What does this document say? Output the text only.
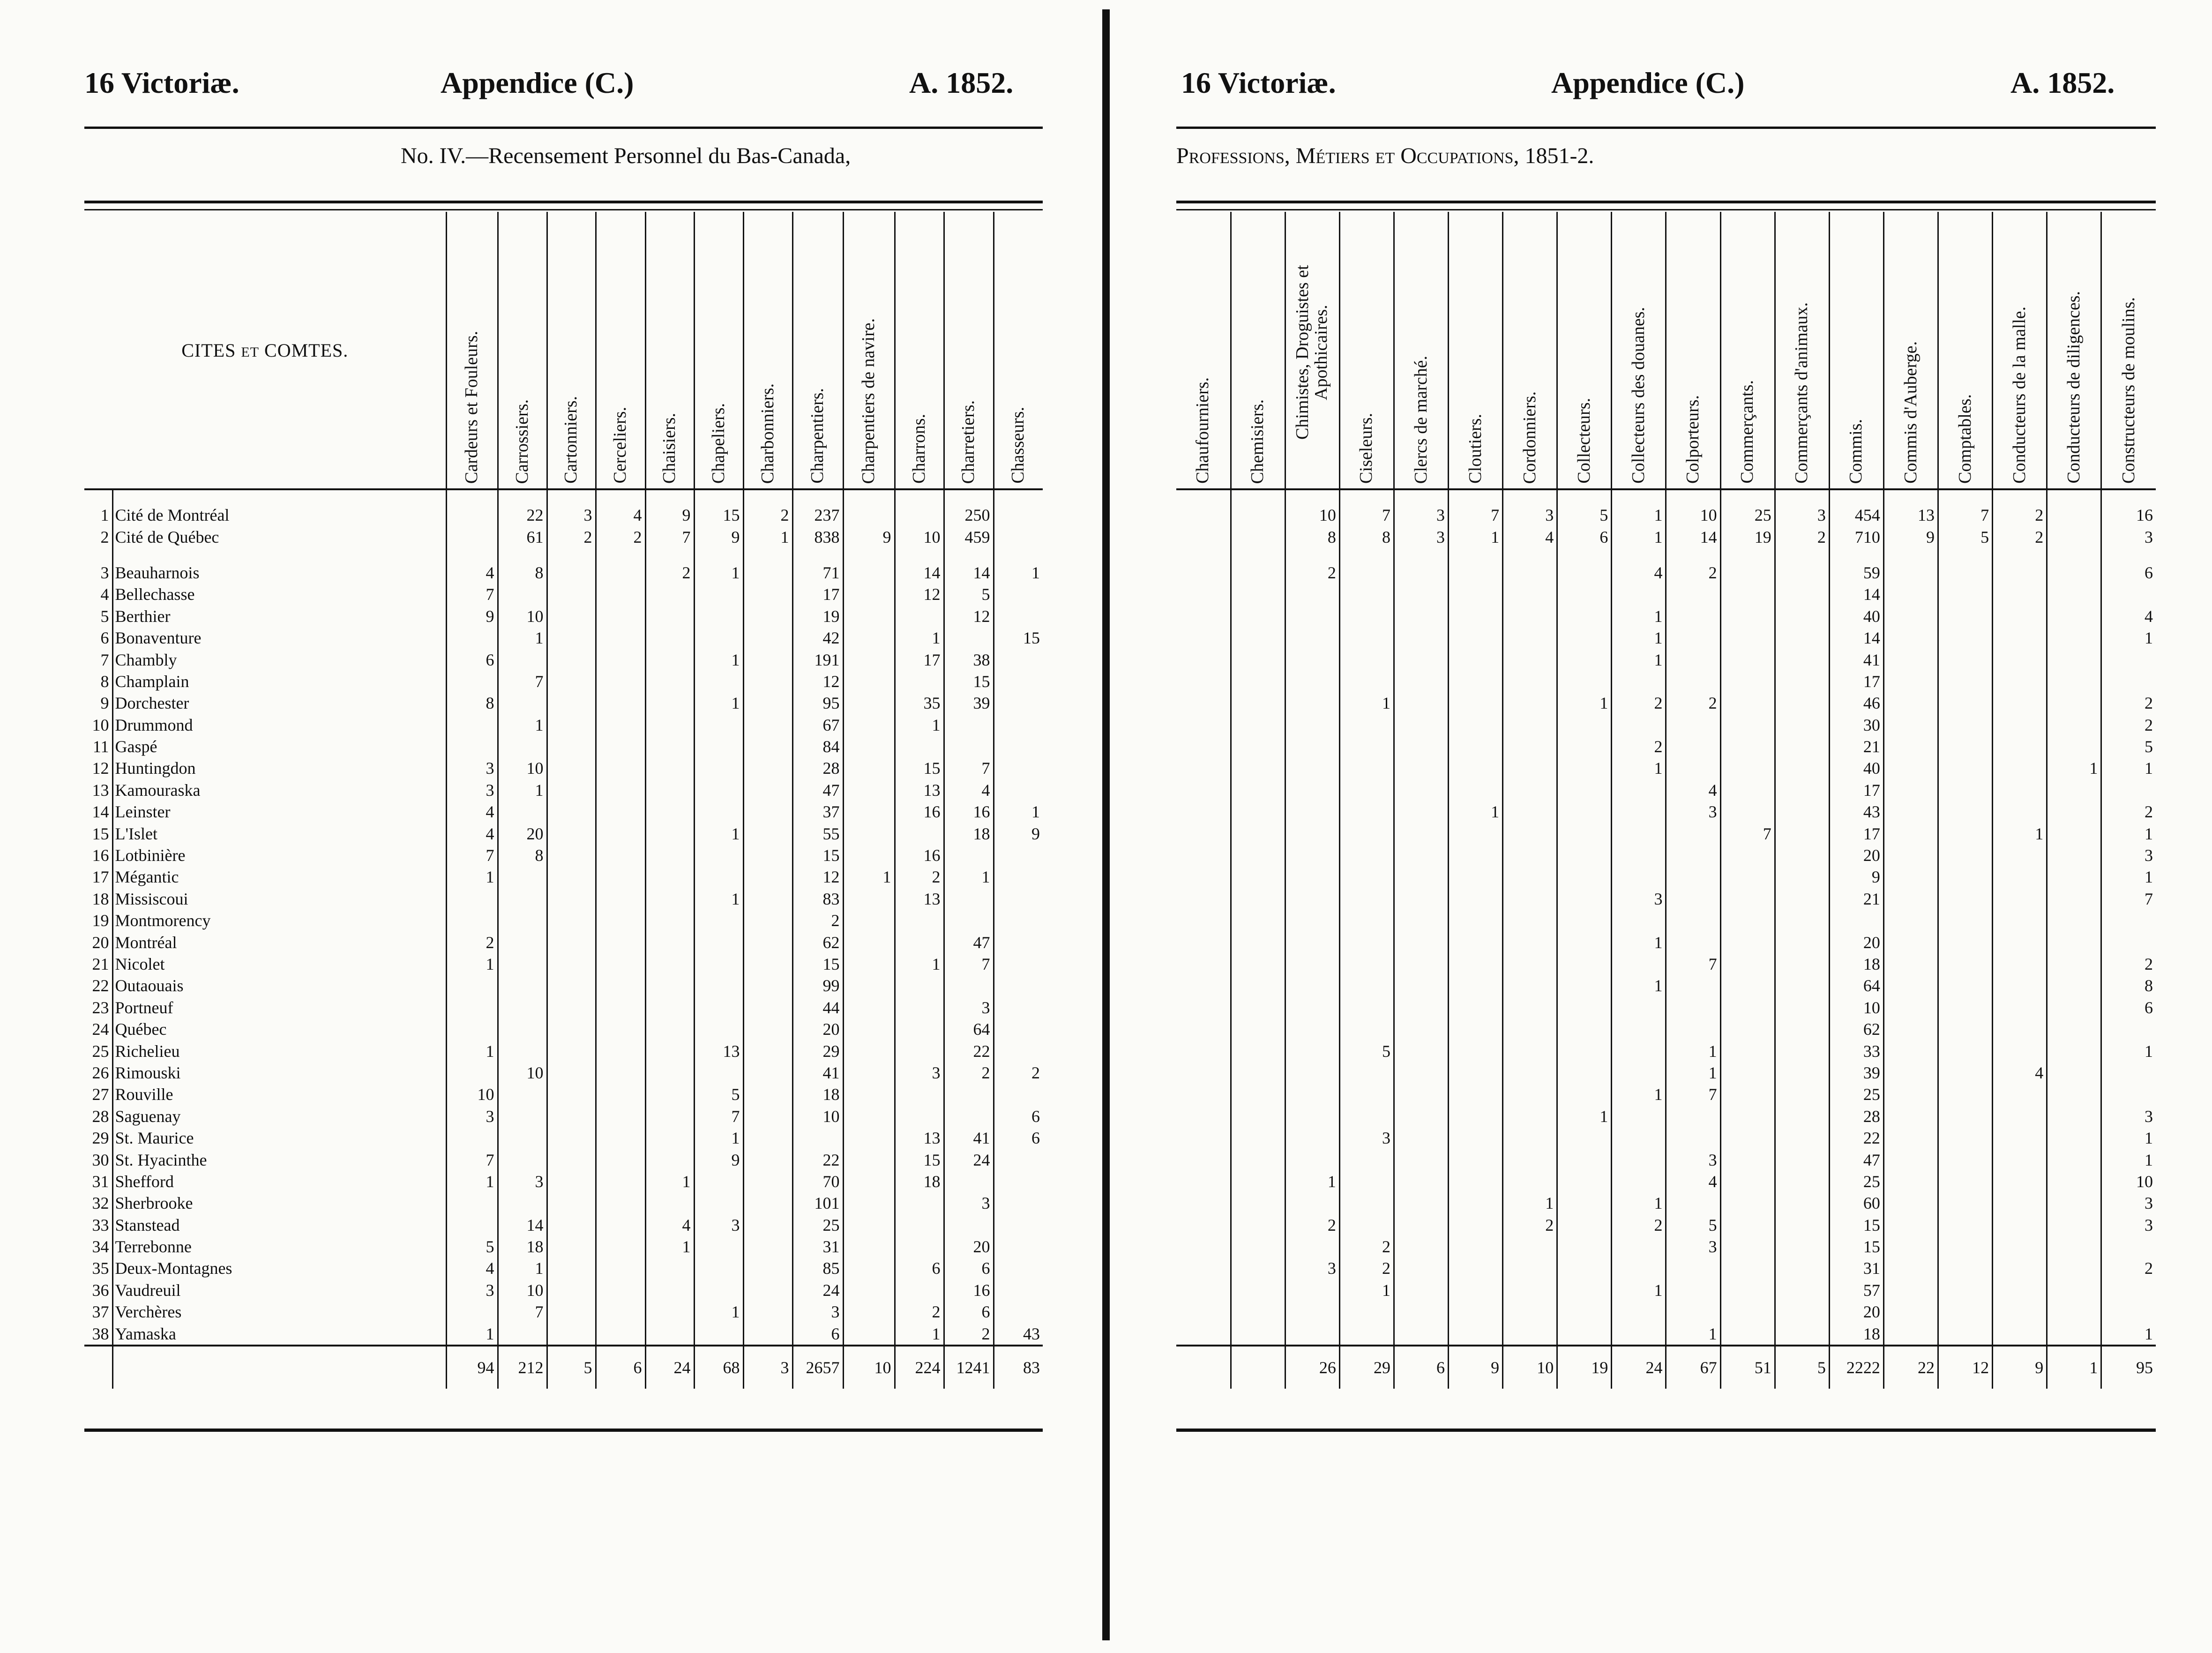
16 Victoriæ.	Appendice (C.)	A. 1852.
No. IV.—Recensement Personnel du Bas-Canada,
CITES ET COMTES.		Cardeurs et Fouleurs.	Carrossiers.	Cartonniers.	Cerceliers.	Chaisiers.	Chapeliers.	Charbonniers.	Charpentiers.	Charpentiers de navire.	Charrons.	Charretiers.	Chasseurs.

1	Cité de Montréal		22	3	4	9	15	2	237			250	
2	Cité de Québec		61	2	2	7	9	1	838	9	10	459	

3	Beauharnois	4	8			2	1		71		14	14	1
4	Bellechasse	7							17		12	5	
5	Berthier	9	10						19			12	
6	Bonaventure		1						42		1		15
7	Chambly	6					1		191		17	38	
8	Champlain		7						12			15	
9	Dorchester	8					1		95		35	39	
10	Drummond		1						67		1		
11	Gaspé								84				
12	Huntingdon	3	10						28		15	7	
13	Kamouraska	3	1						47		13	4	
14	Leinster	4							37		16	16	1
15	L'Islet	4	20				1		55			18	9
16	Lotbinière	7	8						15		16		
17	Mégantic	1							12	1	2	1	
18	Missiscoui						1		83		13		
19	Montmorency								2				
20	Montréal	2							62			47	
21	Nicolet	1							15		1	7	
22	Outaouais								99				
23	Portneuf								44			3	
24	Québec								20			64	
25	Richelieu	1					13		29			22	
26	Rimouski		10						41		3	2	2
27	Rouville	10					5		18				
28	Saguenay	3					7		10				6
29	St. Maurice						1				13	41	6
30	St. Hyacinthe	7					9		22		15	24	
31	Shefford	1	3			1			70		18		
32	Sherbrooke								101			3	
33	Stanstead		14			4	3		25				
34	Terrebonne	5	18			1			31			20	
35	Deux-Montagnes	4	1						85		6	6	
36	Vaudreuil	3	10						24			16	
37	Verchères		7				1		3		2	6	
38	Yamaska	1							6		1	2	43
		94	212	5	6	24	68	3	2657	10	224	1241	83
16 Victoriæ.	Appendice (C.)	A. 1852.
Professions, Métiers et Occupations, 1851-2.
Chaufourniers.	Chemisiers.	Chimistes, Droguistes et Apothicaires.	Ciseleurs.	Clercs de marché.	Cloutiers.	Cordonniers.	Collecteurs.	Collecteurs des douanes.	Colporteurs.	Commerçants.	Commerçants d'animaux.	Commis.	Commis d'Auberge.	Comptables.	Conducteurs de la malle.	Conducteurs de diligences.	Constructeurs de moulins.

		10	7	3	7	3	5	1	10	25	3	454	13	7	2		16
		8	8	3	1	4	6	1	14	19	2	710	9	5	2		3

		2						4	2			59					6
												14					
								1				40					4
								1				14					1
								1				41					
												17					
			1				1	2	2			46					2
												30					2
								2				21					5
								1				40				1	1
									4			17					
					1				3			43					2
										7		17			1		1
												20					3
												9					1
								3				21					7

								1				20					
									7			18					2
								1				64					8
												10					6
												62					
			5						1			33					1
									1			39			4		
								1	7			25					
							1					28					3
			3									22					1
									3			47					1
		1							4			25					10
						1		1				60					3
		2				2		2	5			15					3
			2						3			15					
		3	2									31					2
			1					1				57					
												20					
									1			18					1
		26	29	6	9	10	19	24	67	51	5	2222	22	12	9	1	95
